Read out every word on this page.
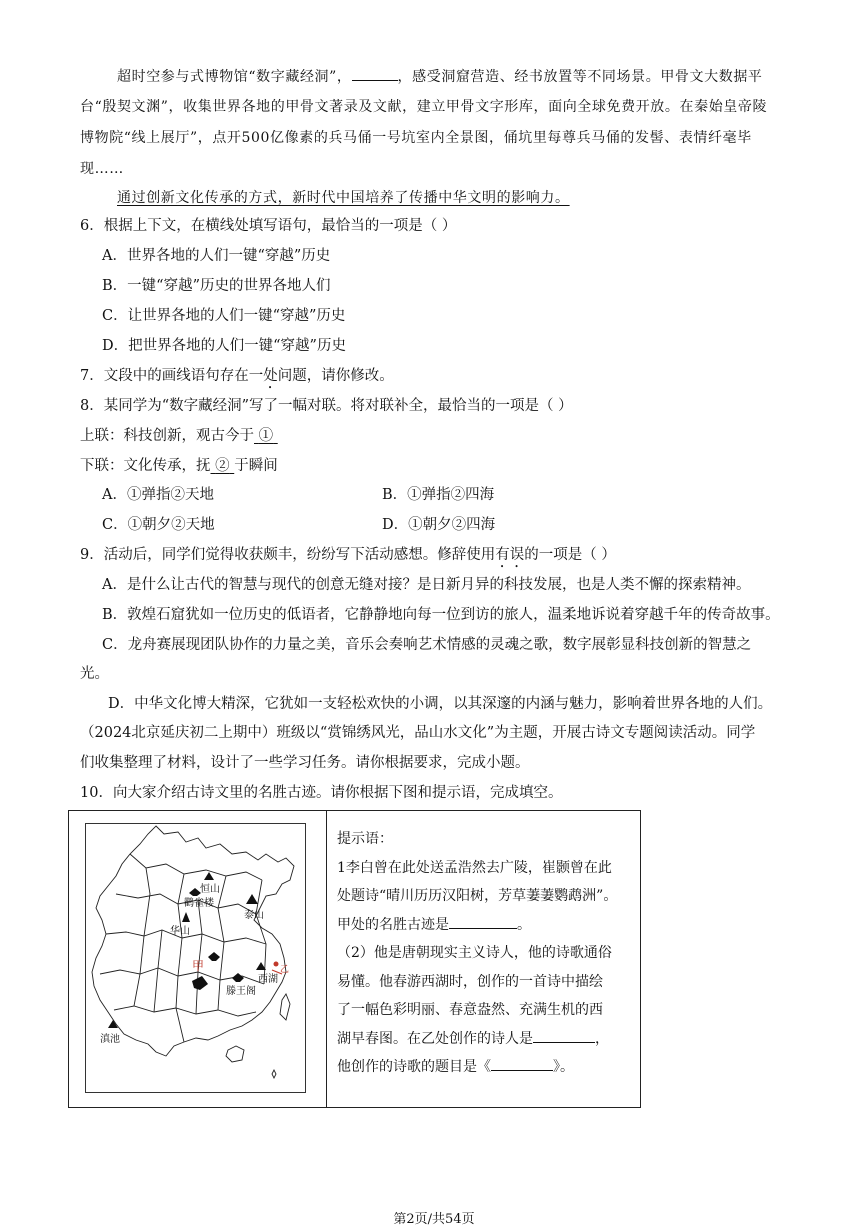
超时空参与式博物馆“数字藏经洞”，	，感受洞窟营造、经书放置等不同场景。甲骨文大数据平
台“殷契文渊”，收集世界各地的甲骨文著录及文献，建立甲骨文字形库，面向全球免费开放。在秦始皇帝陵
博物院“线上展厅”，点开500亿像素的兵马俑一号坑室内全景图，俑坑里每尊兵马俑的发髻、表情纤毫毕
现……
通过创新文化传承的方式，新时代中国培养了传播中华文明的影响力。
6．根据上下文，在横线处填写语句，最恰当的一项是（ ）
A．世界各地的人们一键“穿越”历史
B．一键“穿越”历史的世界各地人们
C．让世界各地的人们一键“穿越”历史
D．把世界各地的人们一键“穿越”历史
7．文段中的画线语句存在一处问题，请你修改。
8．某同学为“数字藏经洞”写了一幅对联。将对联补全，最恰当的一项是（ ）
上联：科技创新，观古今于 ①
下联：文化传承，抚 ② 于瞬间
A．①弹指②天地	B．①弹指②四海
C．①朝夕②天地	D．①朝夕②四海
9．活动后，同学们觉得收获颇丰，纷纷写下活动感想。修辞使用有误的一项是（ ）
A．是什么让古代的智慧与现代的创意无缝对接？是日新月异的科技发展，也是人类不懈的探索精神。
B．敦煌石窟犹如一位历史的低语者，它静静地向每一位到访的旅人，温柔地诉说着穿越千年的传奇故事。
C．龙舟赛展现团队协作的力量之美，音乐会奏响艺术情感的灵魂之歌，数字展彰显科技创新的智慧之
光。
D．中华文化博大精深，它犹如一支轻松欢快的小调，以其深邃的内涵与魅力，影响着世界各地的人们。
（2024北京延庆初二上期中）班级以“赏锦绣风光，品山水文化”为主题，开展古诗文专题阅读活动。同学
们收集整理了材料，设计了一些学习任务。请你根据要求，完成小题。
10．向大家介绍古诗文里的名胜古迹。请你根据下图和提示语，完成填空。
恒山
鹳雀楼
泰山
华山
西湖
滕王阁
滇池
乙
甲
提示语：
1李白曾在此处送孟浩然去广陵，崔颢曾在此
处题诗“晴川历历汉阳树，芳草萋萋鹦鹉洲”。
甲处的名胜古迹是	。
（2）他是唐朝现实主义诗人，他的诗歌通俗
易懂。他春游西湖时，创作的一首诗中描绘
了一幅色彩明丽、春意盎然、充满生机的西
湖早春图。在乙处创作的诗人是	，
他创作的诗歌的题目是《	》。
第2页/共54页
